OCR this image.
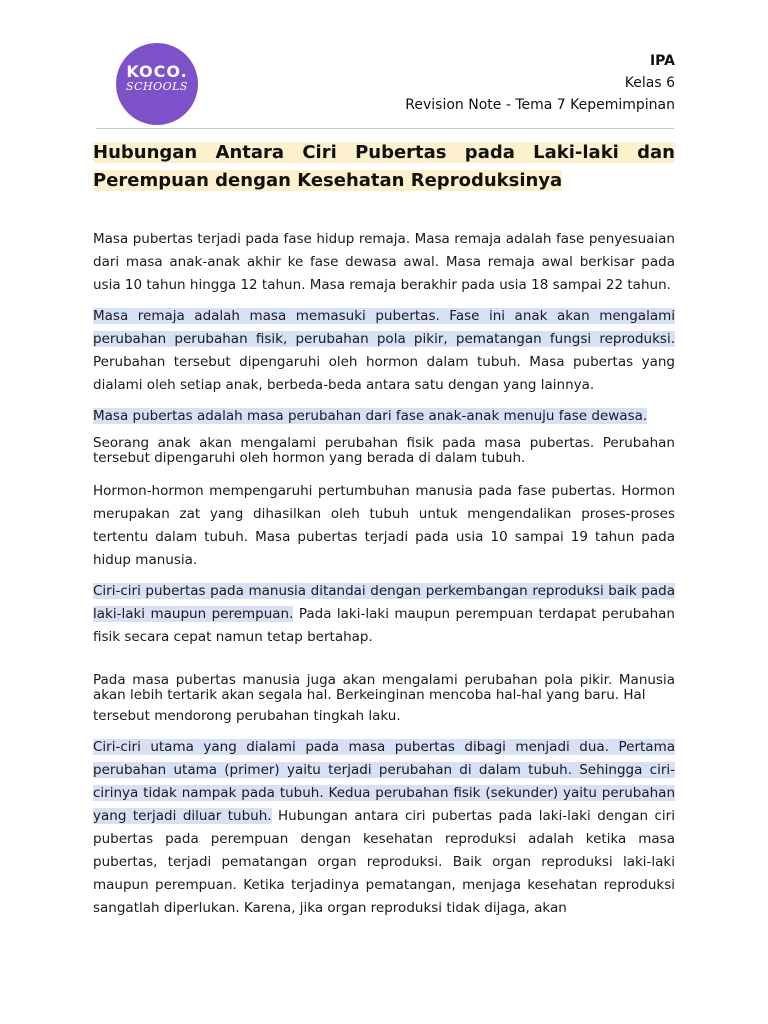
KOCO.
SCHOOLS
IPA
Kelas 6
Revision Note - Tema 7 Kepemimpinan
Hubungan Antara Ciri Pubertas pada Laki-laki dan Perempuan dengan Kesehatan Reproduksinya

Masa pubertas terjadi pada fase hidup remaja. Masa remaja adalah fase penyesuaian dari masa anak-anak akhir ke fase dewasa awal. Masa remaja awal berkisar pada usia 10 tahun hingga 12 tahun. Masa remaja berakhir pada usia 18 sampai 22 tahun.

Masa remaja adalah masa memasuki pubertas. Fase ini anak akan mengalami perubahan perubahan fisik, perubahan pola pikir, pematangan fungsi reproduksi. Perubahan tersebut dipengaruhi oleh hormon dalam tubuh. Masa pubertas yang dialami oleh setiap anak, berbeda-beda antara satu dengan yang lainnya.

Masa pubertas adalah masa perubahan dari fase anak-anak menuju fase dewasa.

Seorang anak akan mengalami perubahan fisik pada masa pubertas. Perubahan tersebut dipengaruhi oleh hormon yang berada di dalam tubuh.

Hormon-hormon mempengaruhi pertumbuhan manusia pada fase pubertas. Hormon merupakan zat yang dihasilkan oleh tubuh untuk mengendalikan proses-proses tertentu dalam tubuh. Masa pubertas terjadi pada usia 10 sampai 19 tahun pada hidup manusia.

Ciri-ciri pubertas pada manusia ditandai dengan perkembangan reproduksi baik pada laki-laki maupun perempuan. Pada laki-laki maupun perempuan terdapat perubahan fisik secara cepat namun tetap bertahap.

Pada masa pubertas manusia juga akan mengalami perubahan pola pikir. Manusia akan lebih tertarik akan segala hal. Berkeinginan mencoba hal-hal yang baru. Hal

tersebut mendorong perubahan tingkah laku.

Ciri-ciri utama yang dialami pada masa pubertas dibagi menjadi dua. Pertama perubahan utama (primer) yaitu terjadi perubahan di dalam tubuh. Sehingga ciri-cirinya tidak nampak pada tubuh. Kedua perubahan fisik (sekunder) yaitu perubahan yang terjadi diluar tubuh. Hubungan antara ciri pubertas pada laki-laki dengan ciri pubertas pada perempuan dengan kesehatan reproduksi adalah ketika masa pubertas, terjadi pematangan organ reproduksi. Baik organ reproduksi laki-laki maupun perempuan. Ketika terjadinya pematangan, menjaga kesehatan reproduksi sangatlah diperlukan. Karena, jika organ reproduksi tidak dijaga, akan
